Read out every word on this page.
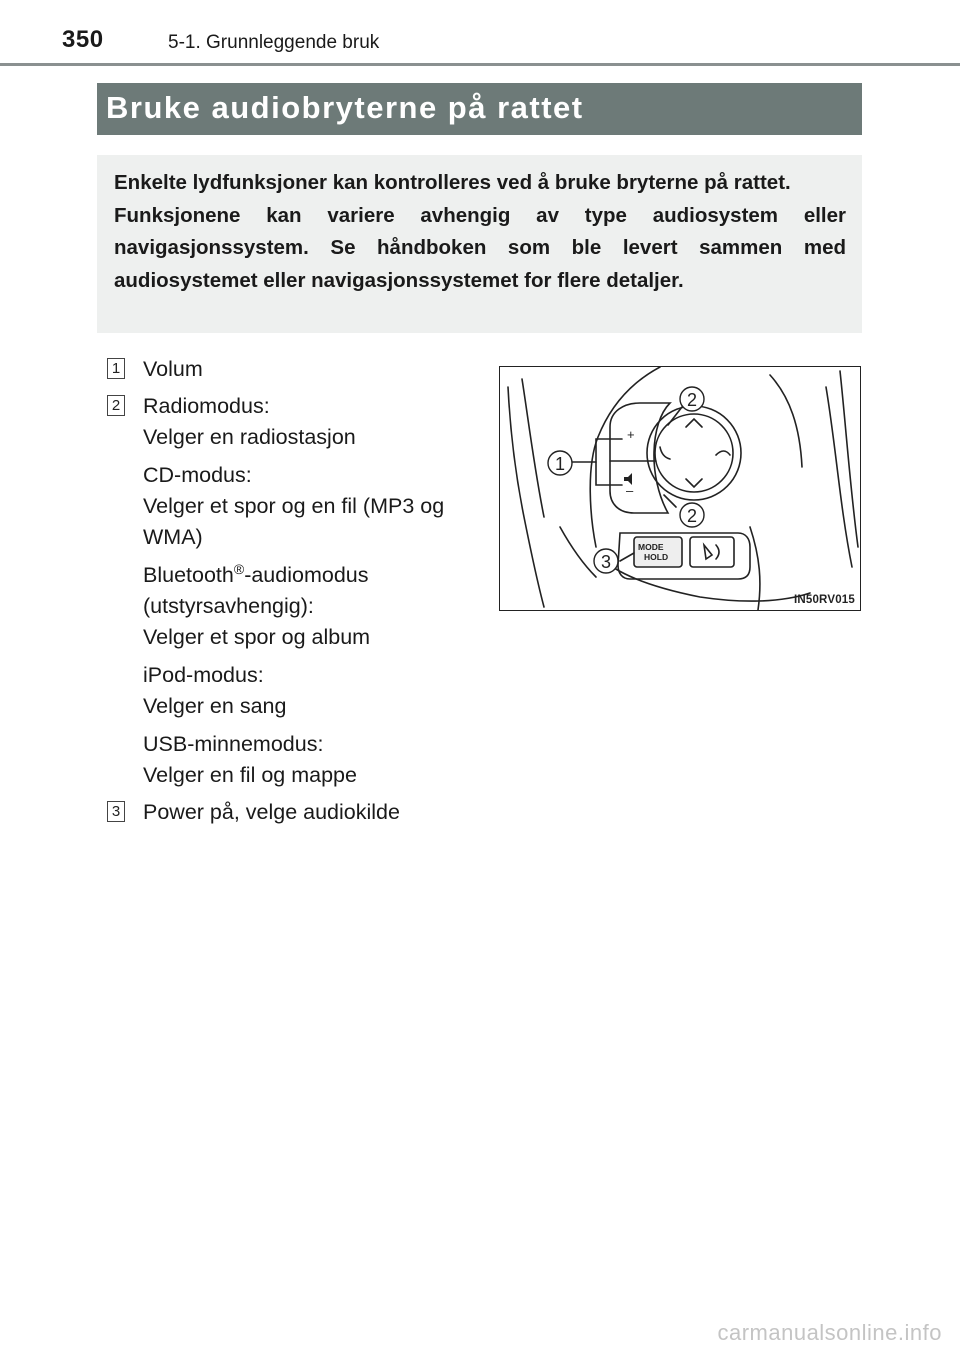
350	5-1. Grunnleggende bruk
Bruke audiobryterne på rattet

Enkelte lydfunksjoner kan kontrolleres ved å bruke bryterne på rattet.

Funksjonene kan variere avhengig av type audiosystem eller navigasjonssystem. Se håndboken som ble levert sammen med audiosystemet eller navigasjonssystemet for flere detaljer.

1 Volum
2 Radiomodus:
Velger en radiostasjon
CD-modus:
Velger et spor og en fil (MP3 og WMA)
Bluetooth®-audiomodus (utstyrsavhengig):
Velger et spor og album
iPod-modus:
Velger en sang
USB-minnemodus:
Velger en fil og mappe
3 Power på, velge audiokilde
+
–
MODE
HOLD
2
1
2
3
IN50RV015
carmanualsonline.info
